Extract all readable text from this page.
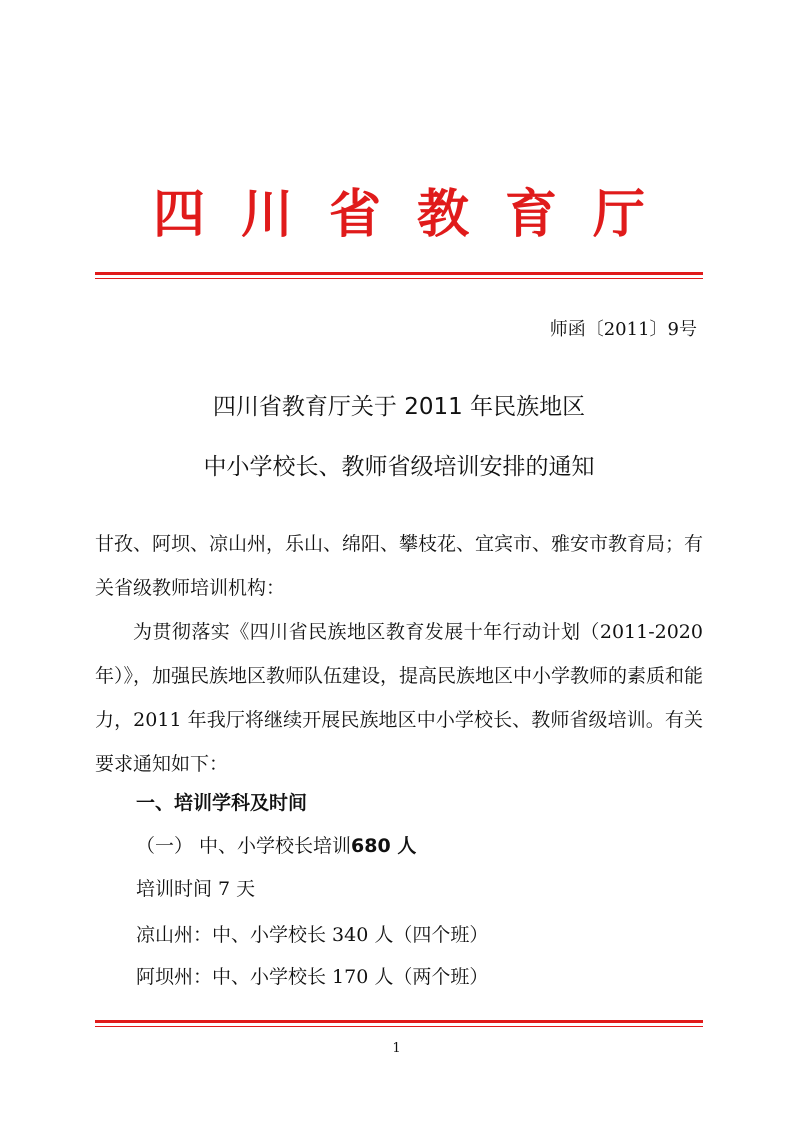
四川省教育厅
师函〔2011〕9号
四川省教育厅关于 2011 年民族地区
中小学校长、教师省级培训安排的通知
甘孜、阿坝、凉山州，乐山、绵阳、攀枝花、宜宾市、雅安市教育局；有关省级教师培训机构：
为贯彻落实《四川省民族地区教育发展十年行动计划（2011-2020年）》，加强民族地区教师队伍建设，提高民族地区中小学教师的素质和能力，2011 年我厅将继续开展民族地区中小学校长、教师省级培训。有关要求通知如下：
一、培训学科及时间
（一） 中、小学校长培训680 人
培训时间 7 天
凉山州：中、小学校长 340 人（四个班）
阿坝州：中、小学校长 170 人（两个班）
1
